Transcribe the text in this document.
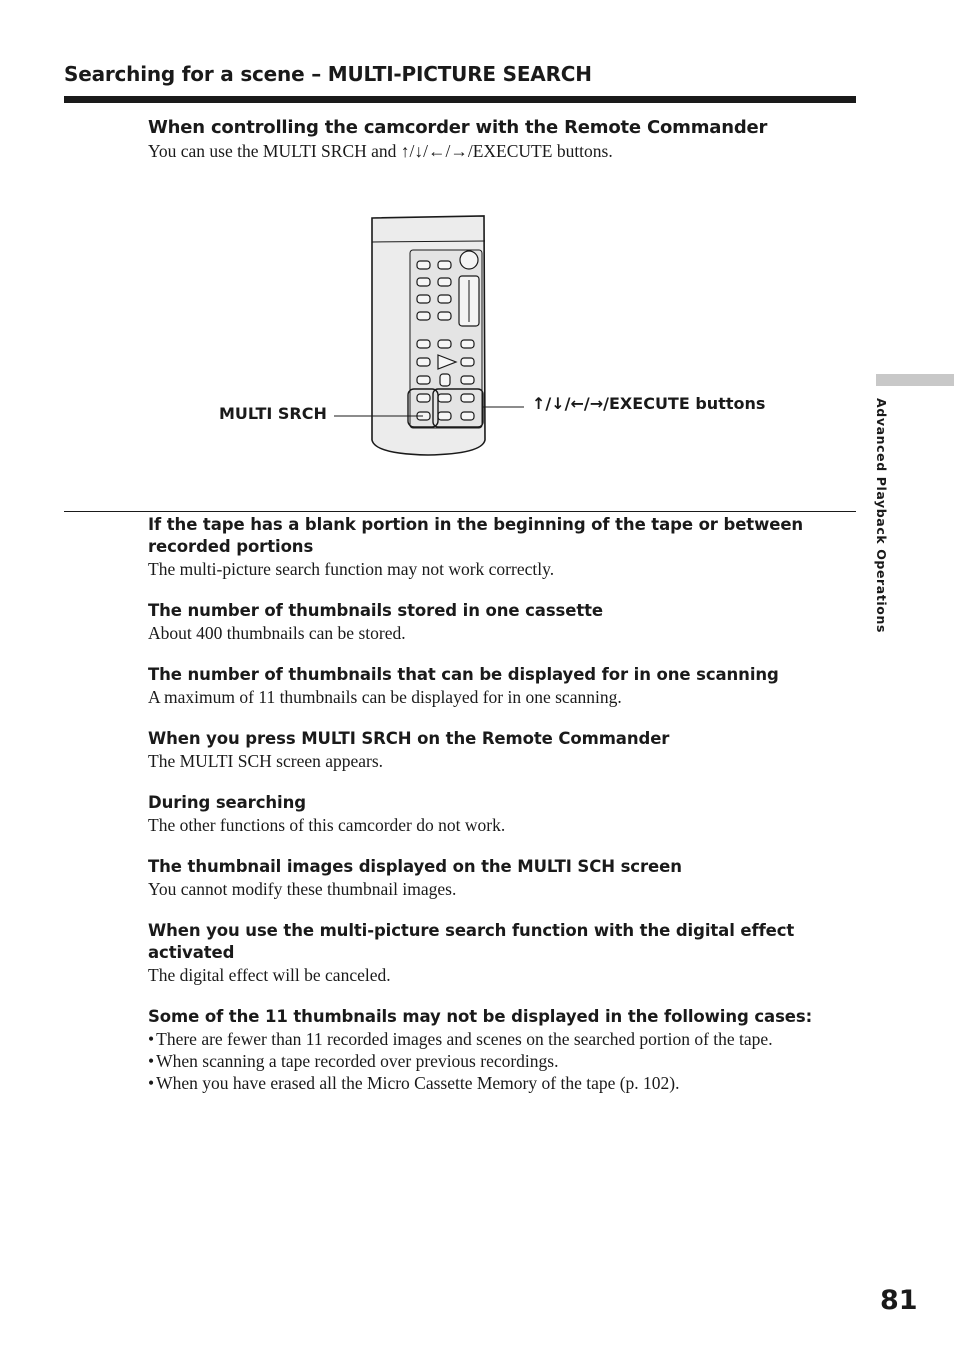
Searching for a scene – MULTI-PICTURE SEARCH
When controlling the camcorder with the Remote Commander

You can use the MULTI SRCH and ↑/↓/←/→/EXECUTE buttons.

MULTI SRCH

↑/↓/←/→/EXECUTE buttons

If the tape has a blank portion in the beginning of the tape or between recorded portions

The multi-picture search function may not work correctly.

The number of thumbnails stored in one cassette

About 400 thumbnails can be stored.

The number of thumbnails that can be displayed for in one scanning

A maximum of 11 thumbnails can be displayed for in one scanning.

When you press MULTI SRCH on the Remote Commander

The MULTI SCH screen appears.

During searching

The other functions of this camcorder do not work.

The thumbnail images displayed on the MULTI SCH screen

You cannot modify these thumbnail images.

When you use the multi-picture search function with the digital effect activated

The digital effect will be canceled.

Some of the 11 thumbnails may not be displayed in the following cases:

• There are fewer than 11 recorded images and scenes on the searched portion of the tape.
• When scanning a tape recorded over previous recordings.
• When you have erased all the Micro Cassette Memory of the tape (p. 102).

Advanced Playback Operations

81
